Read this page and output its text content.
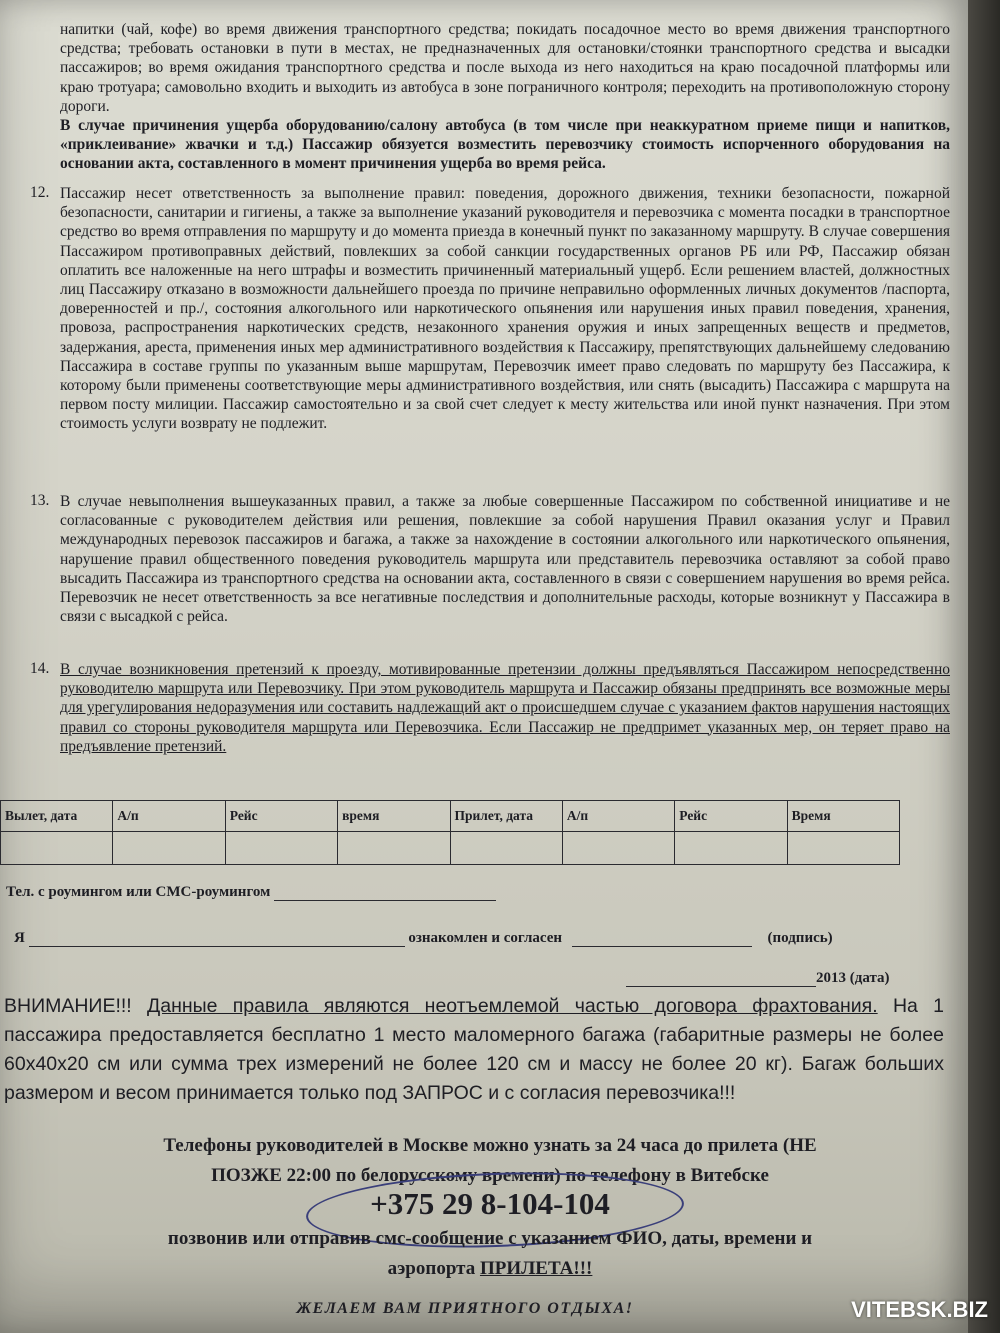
напитки (чай, кофе) во время движения транспортного средства; покидать посадочное место во время движения транспортного средства; требовать остановки в пути в местах, не предназначенных для остановки/стоянки транспортного средства и высадки пассажиров; во время ожидания транспортного средства и после выхода из него находиться на краю посадочной платформы или краю тротуара; самовольно входить и выходить из автобуса в зоне пограничного контроля; переходить на противоположную сторону дороги.

В случае причинения ущерба оборудованию/салону автобуса (в том числе при неаккуратном приеме пищи и напитков, «приклеивание» жвачки и т.д.) Пассажир обязуется возместить перевозчику стоимость испорченного оборудования на основании акта, составленного в момент причинения ущерба во время рейса.

12. Пассажир несет ответственность за выполнение правил: поведения, дорожного движения, техники безопасности, пожарной безопасности, санитарии и гигиены, а также за выполнение указаний руководителя и перевозчика с момента посадки в транспортное средство во время отправления по маршруту и до момента приезда в конечный пункт по заказанному маршруту. В случае совершения Пассажиром противоправных действий, повлекших за собой санкции государственных органов РБ или РФ, Пассажир обязан оплатить все наложенные на него штрафы и возместить причиненный материальный ущерб. Если решением властей, должностных лиц Пассажиру отказано в возможности дальнейшего проезда по причине неправильно оформленных личных документов /паспорта, доверенностей и пр./, состояния алкогольного или наркотического опьянения или нарушения иных правил поведения, хранения, провоза, распространения наркотических средств, незаконного хранения оружия и иных запрещенных веществ и предметов, задержания, ареста, применения иных мер административного воздействия к Пассажиру, препятствующих дальнейшему следованию Пассажира в составе группы по указанным выше маршрутам, Перевозчик имеет право следовать по маршруту без Пассажира, к которому были применены соответствующие меры административного воздействия, или снять (высадить) Пассажира с маршрута на первом посту милиции. Пассажир самостоятельно и за свой счет следует к месту жительства или иной пункт назначения. При этом стоимость услуги возврату не подлежит.

13. В случае невыполнения вышеуказанных правил, а также за любые совершенные Пассажиром по собственной инициативе и не согласованные с руководителем действия или решения, повлекшие за собой нарушения Правил оказания услуг и Правил международных перевозок пассажиров и багажа, а также за нахождение в состоянии алкогольного или наркотического опьянения, нарушение правил общественного поведения руководитель маршрута или представитель перевозчика оставляют за собой право высадить Пассажира из транспортного средства на основании акта, составленного в связи с совершением нарушения во время рейса. Перевозчик не несет ответственность за все негативные последствия и дополнительные расходы, которые возникнут у Пассажира в связи с высадкой с рейса.

14. В случае возникновения претензий к проезду, мотивированные претензии должны предъявляться Пассажиром непосредственно руководителю маршрута или Перевозчику. При этом руководитель маршрута и Пассажир обязаны предпринять все возможные меры для урегулирования недоразумения или составить надлежащий акт о происшедшем случае с указанием фактов нарушения настоящих правил со стороны руководителя маршрута или Перевозчика. Если Пассажир не предпримет указанных мер, он теряет право на предъявление претензий.

Вылет, дата	А/п	Рейс	время	Прилет, дата	А/п	Рейс	Время

Тел. с роумингом или СМС-роумингом
Я	ознакомлен и согласен	(подпись)
2013 (дата)
ВНИМАНИЕ!!! Данные правила являются неотъемлемой частью договора фрахтования. На 1 пассажира предоставляется бесплатно 1 место маломерного багажа (габаритные размеры не более 60х40х20 см или сумма трех измерений не более 120 см и массу не более 20 кг). Багаж больших размером и весом принимается только под ЗАПРОС и с согласия перевозчика!!!
Телефоны руководителей в Москве можно узнать за 24 часа до прилета (НЕ
ПОЗЖЕ 22:00 по белорусскому времени) по телефону в Витебске
+375 29 8-104-104
позвонив или отправив смс-сообщение с указанием ФИО, даты, времени и
аэропорта ПРИЛЕТА!!!
ЖЕЛАЕМ ВАМ ПРИЯТНОГО ОТДЫХА!	VITEBSK.BIZ
